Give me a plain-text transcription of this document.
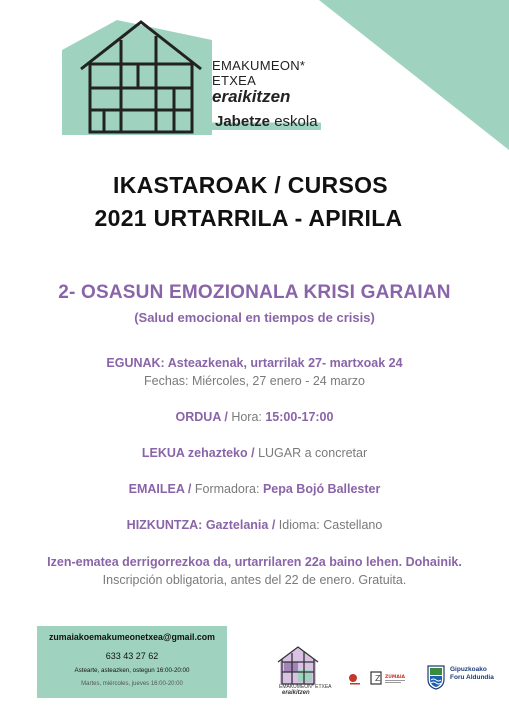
EMAKUMEON* ETXEA
eraikitzen
Jabetze eskola
IKASTAROAK / CURSOS
2021 URTARRILA - APIRILA
2- OSASUN EMOZIONALA KRISI GARAIAN
(Salud emocional en tiempos de crisis)
EGUNAK: Asteazkenak, urtarrilak 27- martxoak 24
Fechas: Miércoles, 27 enero - 24 marzo
ORDUA / Hora: 15:00-17:00
LEKUA zehazteko / LUGAR a concretar
EMAILEA / Formadora: Pepa Bojó Ballester
HIZKUNTZA: Gaztelania / Idioma: Castellano
Izen-ematea derrigorrezkoa da, urtarrilaren 22a baino lehen. Dohainik.
Inscripción obligatoria, antes del 22 de enero. Gratuita.
zumaiakoemakumeonetxea@gmail.com
633 43 27 62
Astearte, asteazken, ostegun 16:00-20:00
Martes, miércoles, jueves 16:00-20:00	EMAKUMEON* ETXEA
eraikitzen
Z ZUMAIA
Gipuzkoako
Foru Aldundia
